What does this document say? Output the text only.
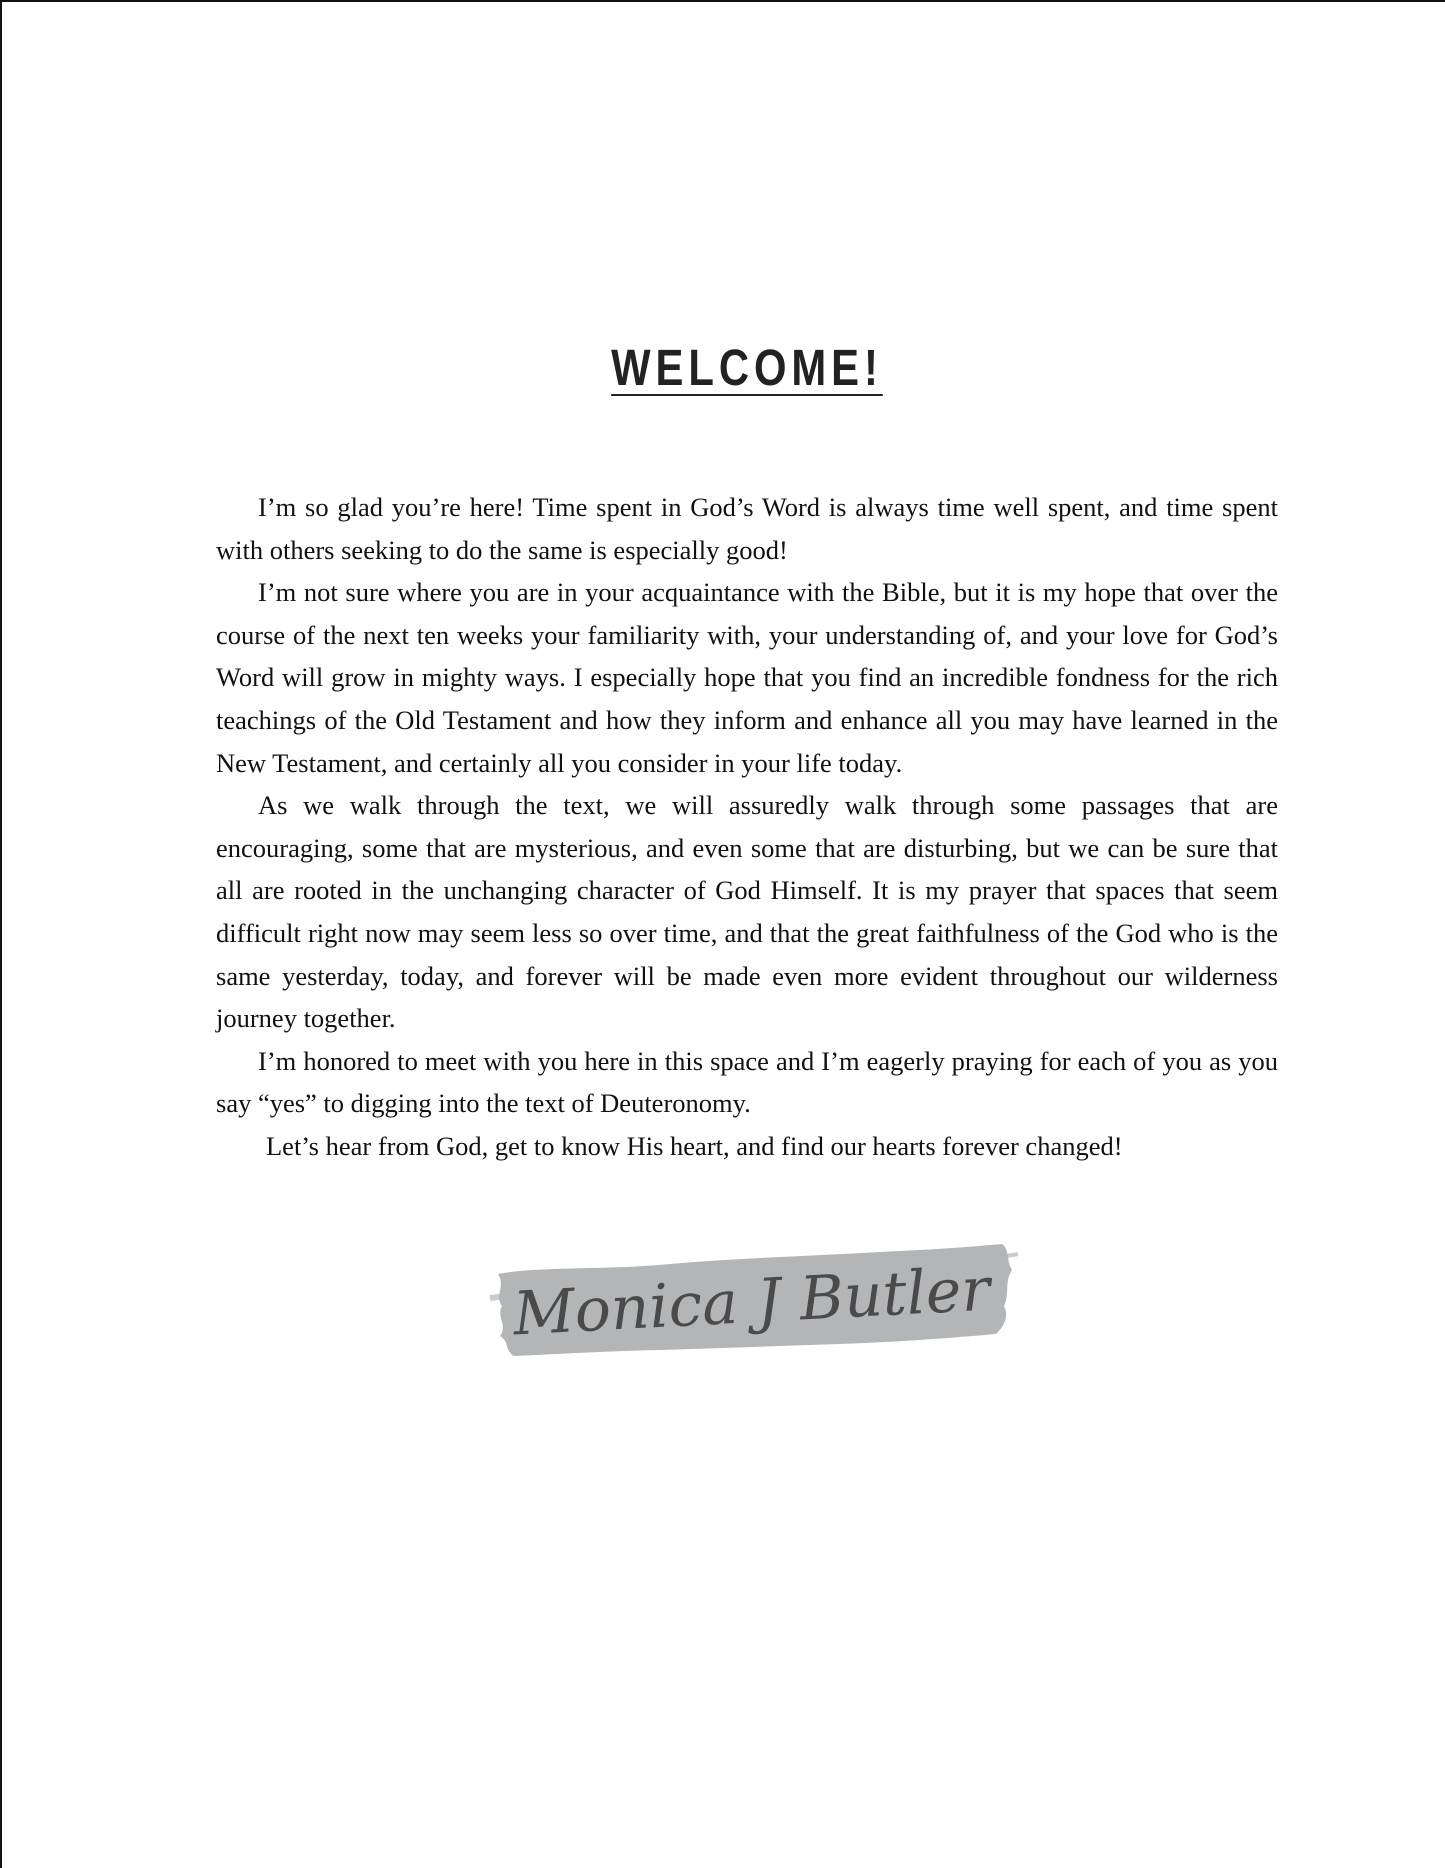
WELCOME!

I’m so glad you’re here! Time spent in God’s Word is always time well spent, and time spent with others seeking to do the same is especially good!

I’m not sure where you are in your acquaintance with the Bible, but it is my hope that over the course of the next ten weeks your familiarity with, your understanding of, and your love for God’s Word will grow in mighty ways. I especially hope that you find an incredible fondness for the rich teachings of the Old Testament and how they inform and enhance all you may have learned in the New Testament, and certainly all you consider in your life today.

As we walk through the text, we will assuredly walk through some passages that are encouraging, some that are mysterious, and even some that are disturbing, but we can be sure that all are rooted in the unchanging character of God Himself. It is my prayer that spaces that seem difficult right now may seem less so over time, and that the great faithfulness of the God who is the same yesterday, today, and forever will be made even more evident throughout our wilderness journey together.

I’m honored to meet with you here in this space and I’m eagerly praying for each of you as you say “yes” to digging into the text of Deuteronomy.

Let’s hear from God, get to know His heart, and find our hearts forever changed!

Monica J Butler
